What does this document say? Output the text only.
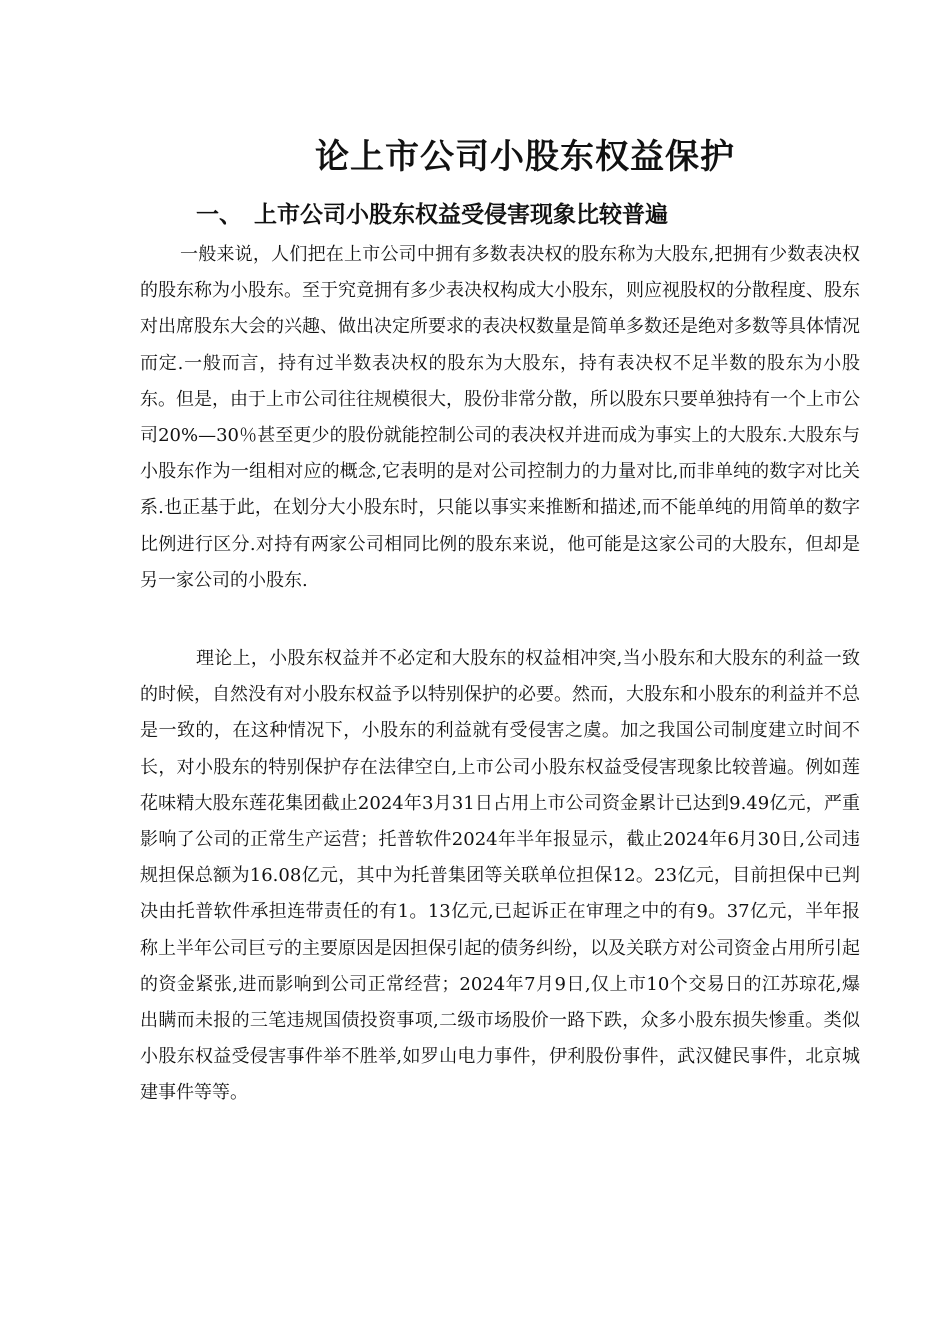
论上市公司小股东权益保护
一、 上市公司小股东权益受侵害现象比较普遍

一般来说，人们把在上市公司中拥有多数表决权的股东称为大股东,把拥有少数表决权的股东称为小股东。至于究竟拥有多少表决权构成大小股东，则应视股权的分散程度、股东对出席股东大会的兴趣、做出决定所要求的表决权数量是简单多数还是绝对多数等具体情况而定.一般而言，持有过半数表决权的股东为大股东，持有表决权不足半数的股东为小股东。但是，由于上市公司往往规模很大，股份非常分散，所以股东只要单独持有一个上市公司20%—30％甚至更少的股份就能控制公司的表决权并进而成为事实上的大股东.大股东与小股东作为一组相对应的概念,它表明的是对公司控制力的力量对比,而非单纯的数字对比关系.也正基于此，在划分大小股东时，只能以事实来推断和描述,而不能单纯的用简单的数字比例进行区分.对持有两家公司相同比例的股东来说，他可能是这家公司的大股东，但却是另一家公司的小股东.

理论上，小股东权益并不必定和大股东的权益相冲突,当小股东和大股东的利益一致的时候，自然没有对小股东权益予以特别保护的必要。然而，大股东和小股东的利益并不总是一致的，在这种情况下，小股东的利益就有受侵害之虞。加之我国公司制度建立时间不长，对小股东的特别保护存在法律空白,上市公司小股东权益受侵害现象比较普遍。例如莲花味精大股东莲花集团截止2024年3月31日占用上市公司资金累计已达到9.49亿元，严重影响了公司的正常生产运营；托普软件2024年半年报显示，截止2024年6月30日,公司违规担保总额为16.08亿元，其中为托普集团等关联单位担保12。23亿元，目前担保中已判决由托普软件承担连带责任的有1。13亿元,已起诉正在审理之中的有9。37亿元，半年报称上半年公司巨亏的主要原因是因担保引起的债务纠纷，以及关联方对公司资金占用所引起的资金紧张,进而影响到公司正常经营；2024年7月9日,仅上市10个交易日的江苏琼花,爆出瞒而未报的三笔违规国债投资事项,二级市场股价一路下跌，众多小股东损失惨重。类似小股东权益受侵害事件举不胜举,如罗山电力事件，伊利股份事件，武汉健民事件，北京城建事件等等。
